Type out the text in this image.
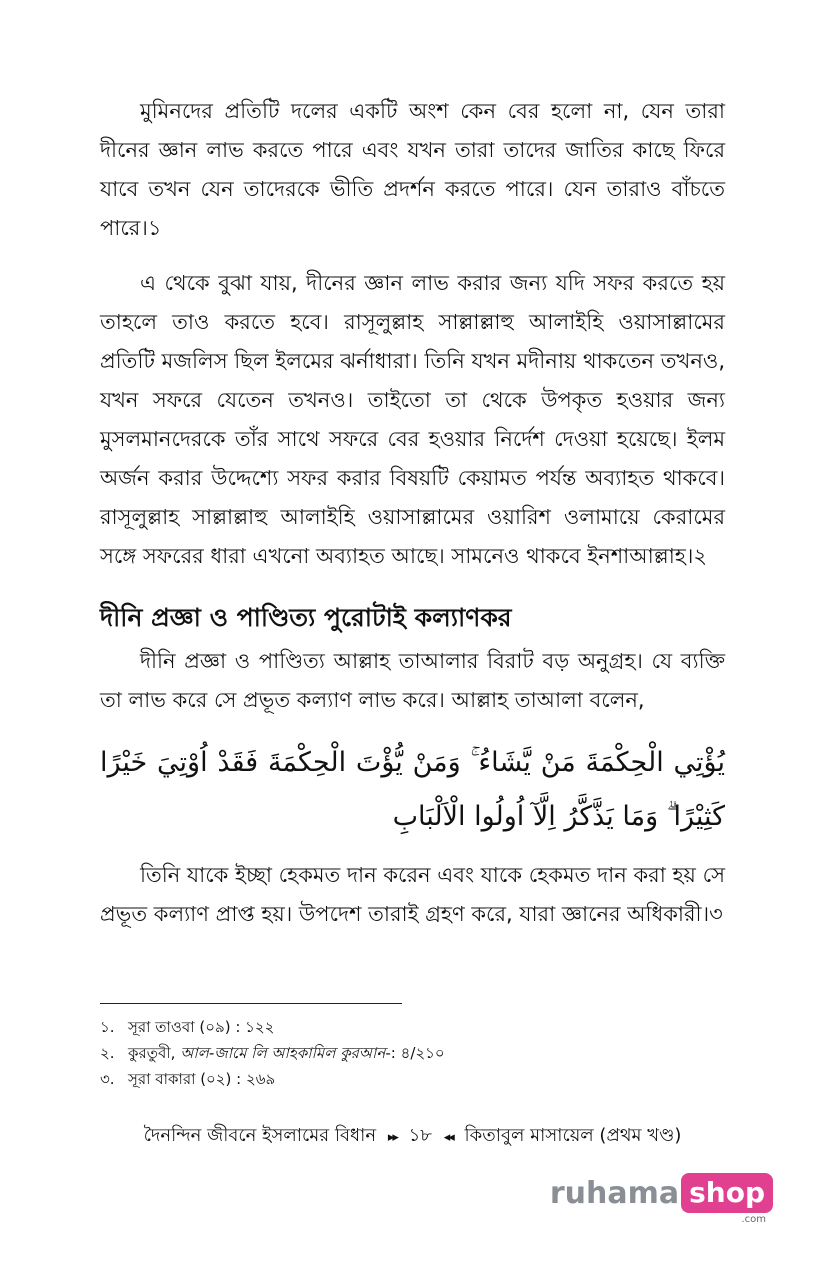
মুমিনদের প্রতিটি দলের একটি অংশ কেন বের হলো না, যেন তারা দীনের জ্ঞান লাভ করতে পারে এবং যখন তারা তাদের জাতির কাছে ফিরে যাবে তখন যেন তাদেরকে ভীতি প্রদর্শন করতে পারে। যেন তারাও বাঁচতে পারে।১

এ থেকে বুঝা যায়, দীনের জ্ঞান লাভ করার জন্য যদি সফর করতে হয় তাহলে তাও করতে হবে। রাসূলুল্লাহ সাল্লাল্লাহু আলাইহি ওয়াসাল্লামের প্রতিটি মজলিস ছিল ইলমের ঝর্নাধারা। তিনি যখন মদীনায় থাকতেন তখনও, যখন সফরে যেতেন তখনও। তাইতো তা থেকে উপকৃত হওয়ার জন্য মুসলমানদেরকে তাঁর সাথে সফরে বের হওয়ার নির্দেশ দেওয়া হয়েছে। ইলম অর্জন করার উদ্দেশ্যে সফর করার বিষয়টি কেয়ামত পর্যন্ত অব্যাহত থাকবে। রাসূলুল্লাহ সাল্লাল্লাহু আলাইহি ওয়াসাল্লামের ওয়ারিশ ওলামায়ে কেরামের সঙ্গে সফরের ধারা এখনো অব্যাহত আছে। সামনেও থাকবে ইনশাআল্লাহ।২

দীনি প্রজ্ঞা ও পাণ্ডিত্য পুরোটাই কল্যাণকর

দীনি প্রজ্ঞা ও পাণ্ডিত্য আল্লাহ তাআলার বিরাট বড় অনুগ্রহ। যে ব্যক্তি তা লাভ করে সে প্রভূত কল্যাণ লাভ করে। আল্লাহ তাআলা বলেন,

يُؤْتِي الْحِكْمَةَ مَنْ يَّشَاءُ ۚ وَمَنْ يُّؤْتَ الْحِكْمَةَ فَقَدْ اُوْتِيَ خَيْرًا كَثِيْرًا ۗ وَمَا يَذَّكَّرُ اِلَّآ اُولُوا الْاَلْبَابِ

তিনি যাকে ইচ্ছা হেকমত দান করেন এবং যাকে হেকমত দান করা হয় সে প্রভূত কল্যাণ প্রাপ্ত হয়। উপদেশ তারাই গ্রহণ করে, যারা জ্ঞানের অধিকারী।৩

১. সূরা তাওবা (০৯) : ১২২
২. কুরতুবী, আল-জামে লি আহকামিল কুরআন-: ৪/২১০
৩. সূরা বাকারা (০২) : ২৬৯
দৈনন্দিন জীবনে ইসলামের বিধান ▸▸ ১৮ ◂◂ কিতাবুল মাসায়েল (প্রথম খণ্ড)
ruhama shop
.com
